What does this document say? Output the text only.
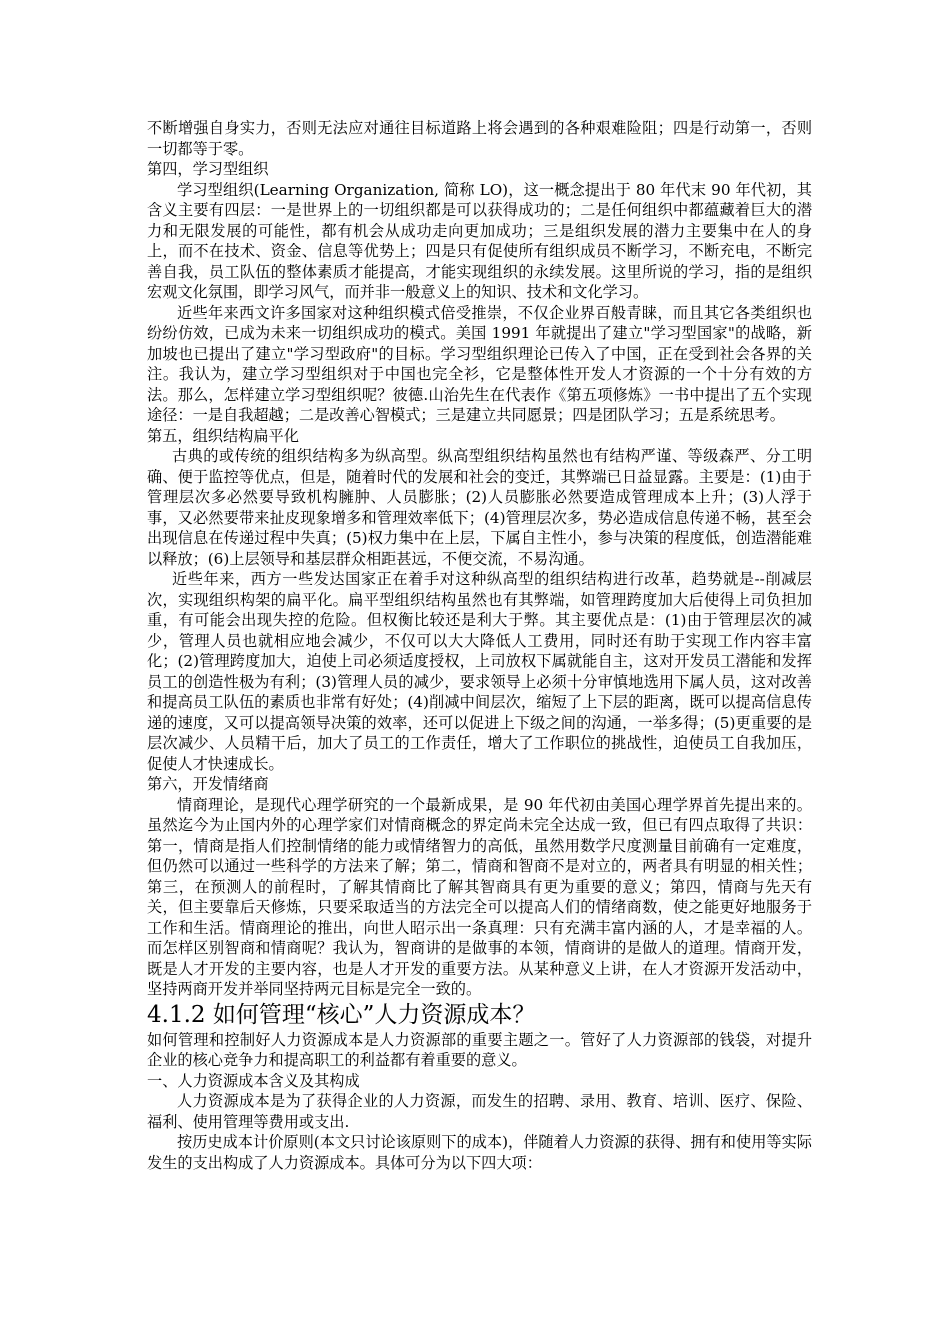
不断增强自身实力，否则无法应对通往目标道路上将会遇到的各种艰难险阻；四是行动第一，否则一切都等于零。

第四，学习型组织

学习型组织(Learning Organization, 简称 LO)，这一概念提出于 80 年代末 90 年代初，其含义主要有四层：一是世界上的一切组织都是可以获得成功的；二是任何组织中都蕴藏着巨大的潜力和无限发展的可能性，都有机会从成功走向更加成功；三是组织发展的潜力主要集中在人的身上，而不在技术、资金、信息等优势上；四是只有促使所有组织成员不断学习，不断充电，不断完善自我，员工队伍的整体素质才能提高，才能实现组织的永续发展。这里所说的学习，指的是组织宏观文化氛围，即学习风气，而并非一般意义上的知识、技术和文化学习。

近些年来西文许多国家对这种组织模式倍受推崇，不仅企业界百般青睐，而且其它各类组织也纷纷仿效，已成为未来一切组织成功的模式。美国 1991 年就提出了建立"学习型国家"的战略，新加坡也已提出了建立"学习型政府"的目标。学习型组织理论已传入了中国，正在受到社会各界的关注。我认为，建立学习型组织对于中国也完全衫，它是整体性开发人才资源的一个十分有效的方法。那么，怎样建立学习型组织呢？彼德.山治先生在代表作《第五项修炼》一书中提出了五个实现途径：一是自我超越；二是改善心智模式；三是建立共同愿景；四是团队学习；五是系统思考。

第五，组织结构扁平化

古典的或传统的组织结构多为纵高型。纵高型组织结构虽然也有结构严谨、等级森严、分工明确、便于监控等优点，但是，随着时代的发展和社会的变迁，其弊端已日益显露。主要是：(1)由于管理层次多必然要导致机构臃肿、人员膨胀；(2)人员膨胀必然要造成管理成本上升；(3)人浮于事，又必然要带来扯皮现象增多和管理效率低下；(4)管理层次多，势必造成信息传递不畅，甚至会出现信息在传递过程中失真；(5)权力集中在上层，下属自主性小，参与决策的程度低，创造潜能难以释放；(6)上层领导和基层群众相距甚远，不便交流，不易沟通。

近些年来，西方一些发达国家正在着手对这种纵高型的组织结构进行改革，趋势就是--削减层次，实现组织构架的扁平化。扁平型组织结构虽然也有其弊端，如管理跨度加大后使得上司负担加重，有可能会出现失控的危险。但权衡比较还是利大于弊。其主要优点是：(1)由于管理层次的减少，管理人员也就相应地会减少，不仅可以大大降低人工费用，同时还有助于实现工作内容丰富化；(2)管理跨度加大，迫使上司必须适度授权，上司放权下属就能自主，这对开发员工潜能和发挥员工的创造性极为有利；(3)管理人员的减少，要求领导上必须十分审慎地选用下属人员，这对改善和提高员工队伍的素质也非常有好处；(4)削减中间层次，缩短了上下层的距离，既可以提高信息传递的速度，又可以提高领导决策的效率，还可以促进上下级之间的沟通，一举多得；(5)更重要的是层次减少、人员精干后，加大了员工的工作责任，增大了工作职位的挑战性，迫使员工自我加压，促使人才快速成长。

第六，开发情绪商

情商理论，是现代心理学研究的一个最新成果，是 90 年代初由美国心理学界首先提出来的。虽然迄今为止国内外的心理学家们对情商概念的界定尚未完全达成一致，但已有四点取得了共识：第一，情商是指人们控制情绪的能力或情绪智力的高低，虽然用数学尺度测量目前确有一定难度，但仍然可以通过一些科学的方法来了解；第二，情商和智商不是对立的，两者具有明显的相关性；第三，在预测人的前程时，了解其情商比了解其智商具有更为重要的意义；第四，情商与先天有关，但主要靠后天修炼，只要采取适当的方法完全可以提高人们的情绪商数，使之能更好地服务于工作和生活。情商理论的推出，向世人昭示出一条真理：只有充满丰富内涵的人，才是幸福的人。而怎样区别智商和情商呢？我认为，智商讲的是做事的本领，情商讲的是做人的道理。情商开发，既是人才开发的主要内容，也是人才开发的重要方法。从某种意义上讲，在人才资源开发活动中，坚持两商开发并举同坚持两元目标是完全一致的。

4.1.2 如何管理“核心”人力资源成本？

如何管理和控制好人力资源成本是人力资源部的重要主题之一。管好了人力资源部的钱袋，对提升企业的核心竞争力和提高职工的利益都有着重要的意义。

一、人力资源成本含义及其构成

人力资源成本是为了获得企业的人力资源，而发生的招聘、录用、教育、培训、医疗、保险、福利、使用管理等费用或支出.

按历史成本计价原则(本文只讨论该原则下的成本)，伴随着人力资源的获得、拥有和使用等实际发生的支出构成了人力资源成本。具体可分为以下四大项：
